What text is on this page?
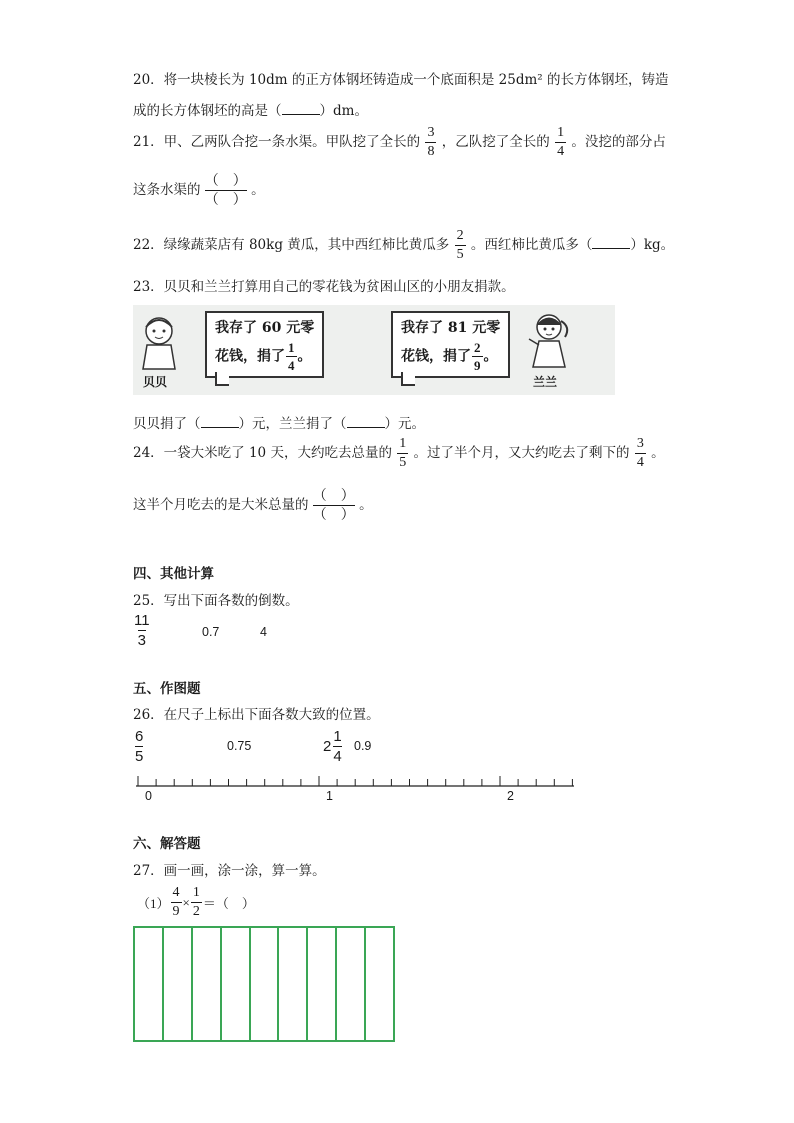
20．将一块棱长为 10dm 的正方体钢坯铸造成一个底面积是 25dm² 的长方体钢坯，铸造
成的长方体钢坯的高是（	）dm。
21．甲、乙两队合挖一条水渠。甲队挖了全长的 $\frac{3}{8}$ ，乙队挖了全长的 $\frac{1}{4}$ 。没挖的部分占
这条水渠的
（　）
（　）
。
22．绿缘蔬菜店有 80kg 黄瓜，其中西红柿比黄瓜多 $\frac{2}{5}$ 。西红柿比黄瓜多（	）kg。
23．贝贝和兰兰打算用自己的零花钱为贫困山区的小朋友捐款。
贝贝
我存了 60 元零
花钱，捐了 $\frac{1}{4}$ 。
我存了 81 元零
花钱，捐了 $\frac{2}{9}$ 。
兰兰
贝贝捐了（	）元，兰兰捐了（	）元。
24．一袋大米吃了 10 天，大约吃去总量的 $\frac{1}{5}$ 。过了半个月，又大约吃去了剩下的 $\frac{3}{4}$ 。
这半个月吃去的是大米总量的
（　）
（　）
。
四、其他计算
25．写出下面各数的倒数。
$\frac{11}{3}$	0.7	4
五、作图题
26．在尺子上标出下面各数大致的位置。
$\frac{6}{5}$	0.75	$2 \frac{1}{4} 0.9$
0	1	2
六、解答题
27．画一画，涂一涂，算一算。
$(1) \frac{4}{9} \times \frac{1}{2}$ ＝（　）
